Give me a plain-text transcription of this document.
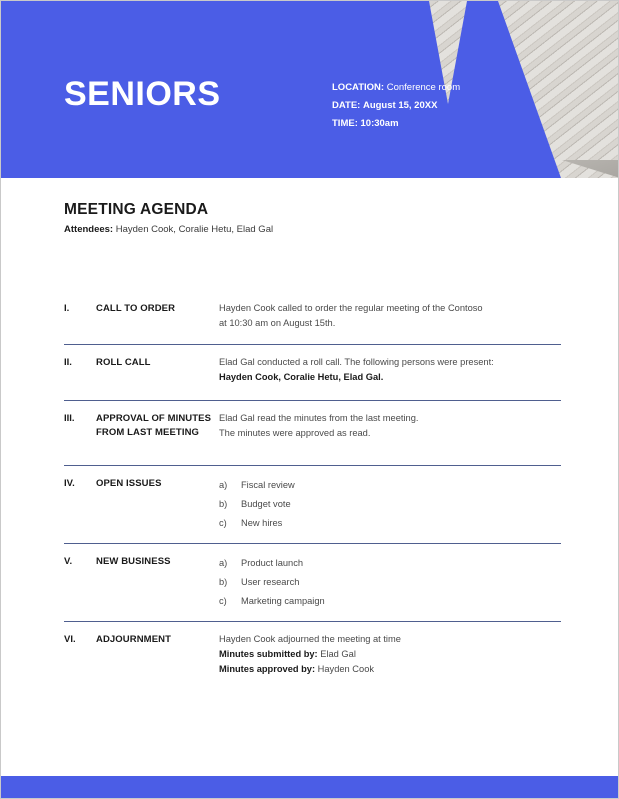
SENIORS	LOCATION: Conference room
DATE: August 15, 20XX
TIME: 10:30am
MEETING AGENDA

Attendees: Hayden Cook, Coralie Hetu, Elad Gal

I.	CALL TO ORDER	Hayden Cook called to order the regular meeting of the Contoso
at 10:30 am on August 15th.
II.	ROLL CALL	Elad Gal conducted a roll call. The following persons were present:
Hayden Cook, Coralie Hetu, Elad Gal.
III.	APPROVAL OF MINUTES FROM LAST MEETING
Elad Gal read the minutes from the last meeting.
The minutes were approved as read.
IV.	OPEN ISSUES	a)	Fiscal review
b)	Budget vote
c)	New hires
V.	NEW BUSINESS	a)	Product launch
b)	User research
c)	Marketing campaign
VI.	ADJOURNMENT	Hayden Cook adjourned the meeting at time
Minutes submitted by: Elad Gal
Minutes approved by: Hayden Cook
